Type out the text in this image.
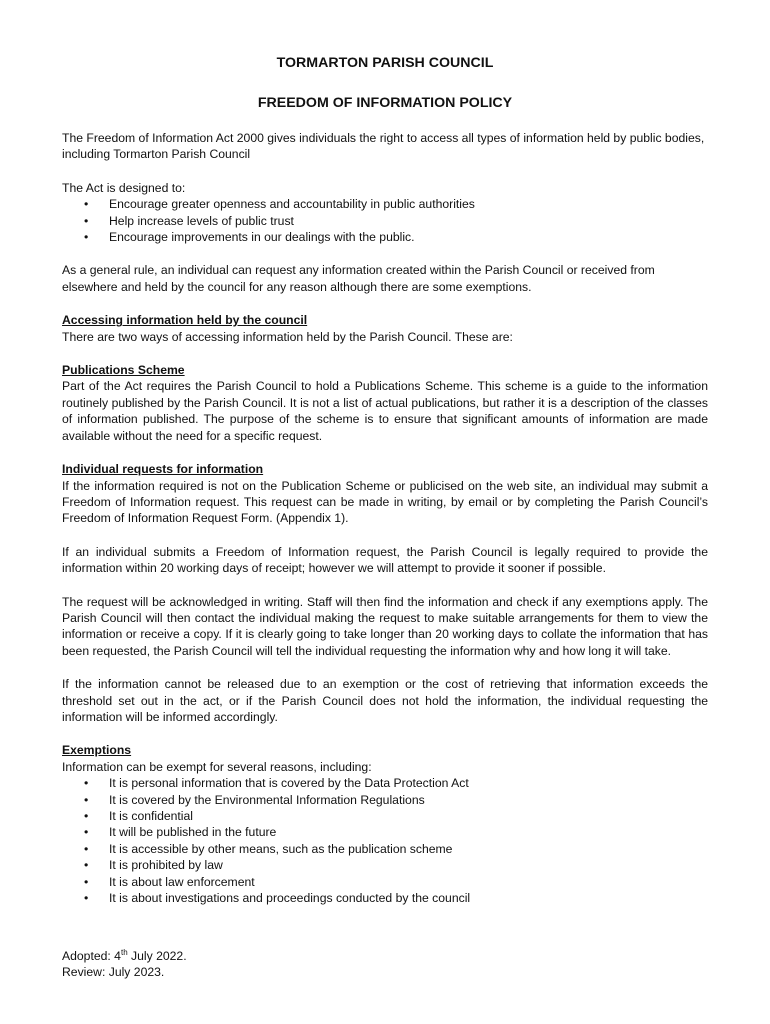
TORMARTON PARISH COUNCIL
FREEDOM OF INFORMATION POLICY

The Freedom of Information Act 2000 gives individuals the right to access all types of information held by public bodies, including Tormarton Parish Council

The Act is designed to:

• Encourage greater openness and accountability in public authorities
• Help increase levels of public trust
• Encourage improvements in our dealings with the public.

As a general rule, an individual can request any information created within the Parish Council or received from elsewhere and held by the council for any reason although there are some exemptions.

Accessing information held by the council

There are two ways of accessing information held by the Parish Council. These are:

Publications Scheme

Part of the Act requires the Parish Council to hold a Publications Scheme. This scheme is a guide to the information routinely published by the Parish Council. It is not a list of actual publications, but rather it is a description of the classes of information published. The purpose of the scheme is to ensure that significant amounts of information are made available without the need for a specific request.

Individual requests for information

If the information required is not on the Publication Scheme or publicised on the web site, an individual may submit a Freedom of Information request. This request can be made in writing, by email or by completing the Parish Council’s Freedom of Information Request Form. (Appendix 1).

If an individual submits a Freedom of Information request, the Parish Council is legally required to provide the information within 20 working days of receipt; however we will attempt to provide it sooner if possible.

The request will be acknowledged in writing. Staff will then find the information and check if any exemptions apply. The Parish Council will then contact the individual making the request to make suitable arrangements for them to view the information or receive a copy. If it is clearly going to take longer than 20 working days to collate the information that has been requested, the Parish Council will tell the individual requesting the information why and how long it will take.

If the information cannot be released due to an exemption or the cost of retrieving that information exceeds the threshold set out in the act, or if the Parish Council does not hold the information, the individual requesting the information will be informed accordingly.

Exemptions

Information can be exempt for several reasons, including:

• It is personal information that is covered by the Data Protection Act
• It is covered by the Environmental Information Regulations
• It is confidential
• It will be published in the future
• It is accessible by other means, such as the publication scheme
• It is prohibited by law
• It is about law enforcement
• It is about investigations and proceedings conducted by the council

Adopted: 4th July 2022.

Review: July 2023.
